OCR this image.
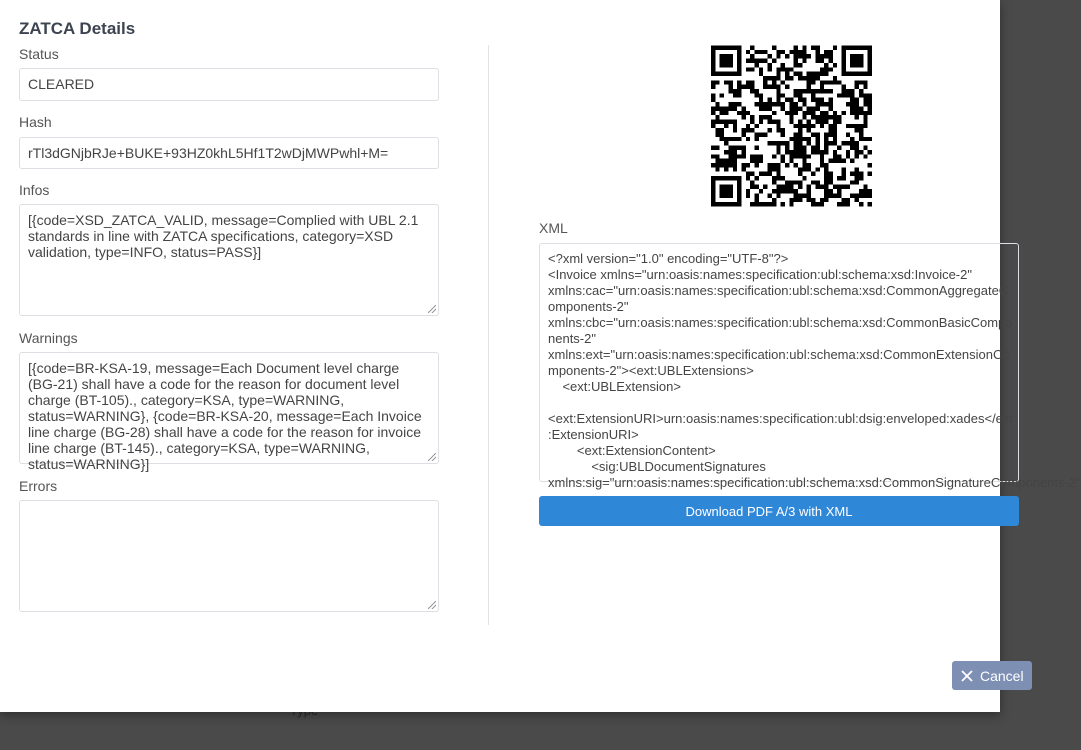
ZATCA Details
Status
CLEARED
Hash
rTl3dGNjbRJe+BUKE+93HZ0khL5Hf1T2wDjMWPwhl+M=
Infos
[{code=XSD_ZATCA_VALID, message=Complied with UBL 2.1 standards in line with ZATCA specifications, category=XSD validation, type=INFO, status=PASS}]
Warnings
[{code=BR-KSA-19, message=Each Document level charge (BG-21) shall have a code for the reason for document level charge (BT-105)., category=KSA, type=WARNING, status=WARNING}, {code=BR-KSA-20, message=Each Invoice line charge (BG-28) shall have a code for the reason for invoice line charge (BT-145)., category=KSA, type=WARNING, status=WARNING}]
Errors
XML
<?xml version="1.0" encoding="UTF-8"?>
<Invoice xmlns="urn:oasis:names:specification:ubl:schema:xsd:Invoice-2"
xmlns:cac="urn:oasis:names:specification:ubl:schema:xsd:CommonAggregateC
omponents-2"
xmlns:cbc="urn:oasis:names:specification:ubl:schema:xsd:CommonBasicCompo
nents-2"
xmlns:ext="urn:oasis:names:specification:ubl:schema:xsd:CommonExtensionCo
mponents-2"><ext:UBLExtensions>
<ext:UBLExtension>

<ext:ExtensionURI>urn:oasis:names:specification:ubl:dsig:enveloped:xades</ext
:ExtensionURI>
<ext:ExtensionContent>
<sig:UBLDocumentSignatures
xmlns:sig="urn:oasis:names:specification:ubl:schema:xsd:CommonSignatureComponents-2"
Download PDF A/3 with XML
Cancel
